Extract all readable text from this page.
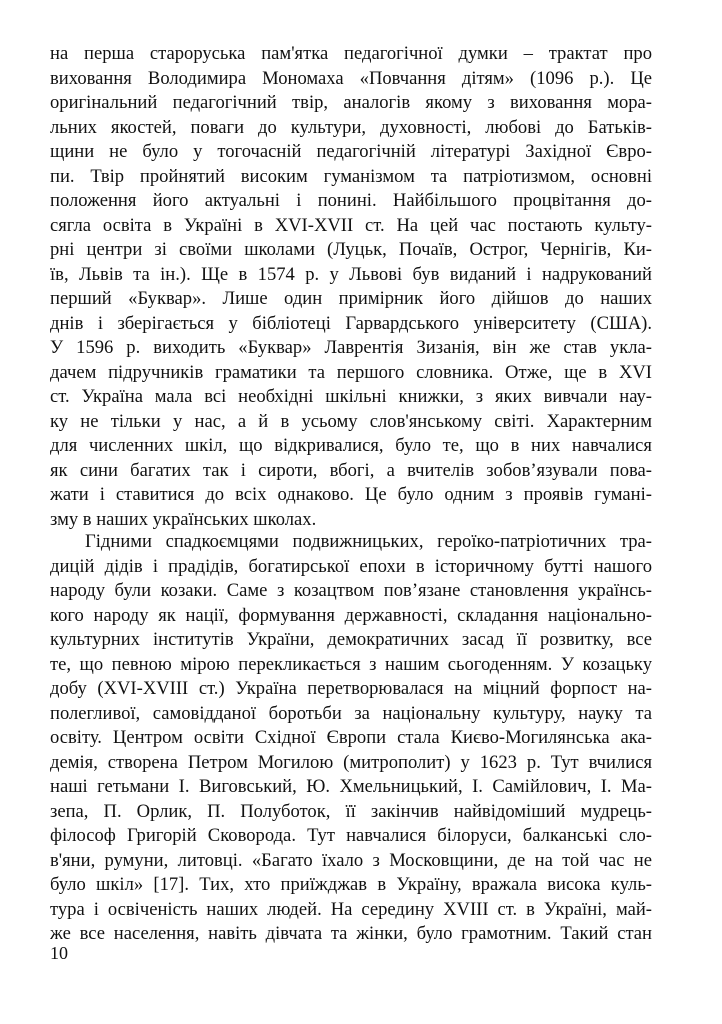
на перша староруська пам'ятка педагогічної думки – трактат про

виховання Володимира Мономаха «Повчання дітям» (1096 р.). Це

оригінальний педагогічний твір, аналогів якому з виховання мора-

льних якостей, поваги до культури, духовності, любові до Батьків-

щини не було у тогочасній педагогічній літературі Західної Євро-

пи. Твір пройнятий високим гуманізмом та патріотизмом, основні

положення його актуальні і понині. Найбільшого процвітання до-

сягла освіта в Україні в XVI-XVII ст. На цей час постають культу-

рні центри зі своїми школами (Луцьк, Почаїв, Острог, Чернігів, Ки-

їв, Львів та ін.). Ще в 1574 р. у Львові був виданий і надрукований

перший «Буквар». Лише один примірник його дійшов до наших

днів і зберігається у бібліотеці Гарвардського університету (США).

У 1596 р. виходить «Буквар» Лаврентія Зизанія, він же став укла-

дачем підручників граматики та першого словника. Отже, ще в XVI

ст. Україна мала всі необхідні шкільні книжки, з яких вивчали нау-

ку не тільки у нас, а й в усьому слов'янському світі. Характерним

для численних шкіл, що відкривалися, було те, що в них навчалися

як сини багатих так і сироти, вбогі, а вчителів зобов’язували пова-

жати і ставитися до всіх однаково. Це було одним з проявів гумані-

зму в наших українських школах.

Гідними спадкоємцями подвижницьких, героїко-патріотичних тра-

дицій дідів і прадідів, богатирської епохи в історичному бутті нашого

народу були козаки. Саме з козацтвом пов’язане становлення українсь-

кого народу як нації, формування державності, складання національно-

культурних інститутів України, демократичних засад її розвитку, все

те, що певною мірою перекликається з нашим сьогоденням. У козацьку

добу (XVI-XVIII ст.) Україна перетворювалася на міцний форпост на-

полегливої, самовідданої боротьби за національну культуру, науку та

освіту. Центром освіти Східної Європи стала Києво-Могилянська ака-

демія, створена Петром Могилою (митрополит) у 1623 р. Тут вчилися

наші гетьмани І. Виговський, Ю. Хмельницький, І. Самійлович, І. Ма-

зепа, П. Орлик, П. Полуботок, її закінчив найвідоміший мудрець-

філософ Григорій Сковорода. Тут навчалися білоруси, балканські сло-

в'яни, румуни, литовці. «Багато їхало з Московщини, де на той час не

було шкіл» [17]. Тих, хто приїжджав в Україну, вражала висока куль-

тура і освіченість наших людей. На середину XVIII ст. в Україні, май-

же все населення, навіть дівчата та жінки, було грамотним. Такий стан

10
